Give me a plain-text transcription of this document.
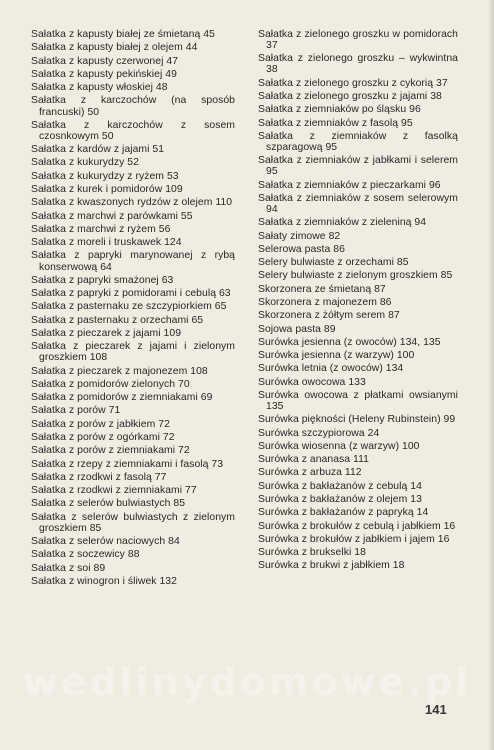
Sałatka z kapusty białej ze śmietaną 45

Sałatka z kapusty białej z olejem 44

Sałatka z kapusty czerwonej 47

Sałatka z kapusty pekińskiej 49

Sałatka z kapusty włoskiej 48

Sałatka z karczochów (na sposób francuski) 50

Sałatka z karczochów z sosem czosnkowym 50

Sałatka z kardów z jajami 51

Sałatka z kukurydzy 52

Sałatka z kukurydzy z ryżem 53

Sałatka z kurek i pomidorów 109

Sałatka z kwaszonych rydzów z olejem 110

Sałatka z marchwi z parówkami 55

Sałatka z marchwi z ryżem 56

Sałatka z moreli i truskawek 124

Sałatka z papryki marynowanej z rybą konserwową 64

Sałatka z papryki smażonej 63

Sałatka z papryki z pomidorami i cebulą 63

Sałatka z pasternaku ze szczypiorkiem 65

Sałatka z pasternaku z orzechami 65

Sałatka z pieczarek z jajami 109

Sałatka z pieczarek z jajami i zielonym groszkiem 108

Sałatka z pieczarek z majonezem 108

Sałatka z pomidorów zielonych 70

Sałatka z pomidorów z ziemniakami 69

Sałatka z porów 71

Sałatka z porów z jabłkiem 72

Sałatka z porów z ogórkami 72

Sałatka z porów z ziemniakami 72

Sałatka z rzepy z ziemniakami i fasolą 73

Sałatka z rzodkwi z fasolą 77

Sałatka z rzodkwi z ziemniakami 77

Sałatka z selerów bulwiastych 85

Sałatka z selerów bulwiastych z zielonym groszkiem 85

Sałatka z selerów naciowych 84

Sałatka z soczewicy 88

Sałatka z soi 89

Sałatka z winogron i śliwek 132

Sałatka z zielonego groszku w pomidorach 37

Sałatka z zielonego groszku – wykwintna 38

Sałatka z zielonego groszku z cykorią 37

Sałatka z zielonego groszku z jajami 38

Sałatka z ziemniaków po śląsku 96

Sałatka z ziemniaków z fasolą 95

Sałatka z ziemniaków z fasolką szparagową 95

Sałatka z ziemniaków z jabłkami i selerem 95

Sałatka z ziemniaków z pieczarkami 96

Sałatka z ziemniaków z sosem selerowym 94

Sałatka z ziemniaków z zieleniną 94

Sałaty zimowe 82

Selerowa pasta 86

Selery bulwiaste z orzechami 85

Selery bulwiaste z zielonym groszkiem 85

Skorzonera ze śmietaną 87

Skorzonera z majonezem 86

Skorzonera z żółtym serem 87

Sojowa pasta 89

Surówka jesienna (z owoców) 134, 135

Surówka jesienna (z warzyw) 100

Surówka letnia (z owoców) 134

Surówka owocowa 133

Surówka owocowa z płatkami owsianymi 135

Surówka piękności (Heleny Rubinstein) 99

Surówka szczypiorowa 24

Surówka wiosenna (z warzyw) 100

Surówka z ananasa 111

Surówka z arbuza 112

Surówka z bakłażanów z cebulą 14

Surówka z bakłażanów z olejem 13

Surówka z bakłażanów z papryką 14

Surówka z brokułów z cebulą i jabłkiem 16

Surówka z brokułów z jabłkiem i jajem 16

Surówka z brukselki 18

Surówka z brukwi z jabłkiem 18

wedlinydomowe.pl
141
